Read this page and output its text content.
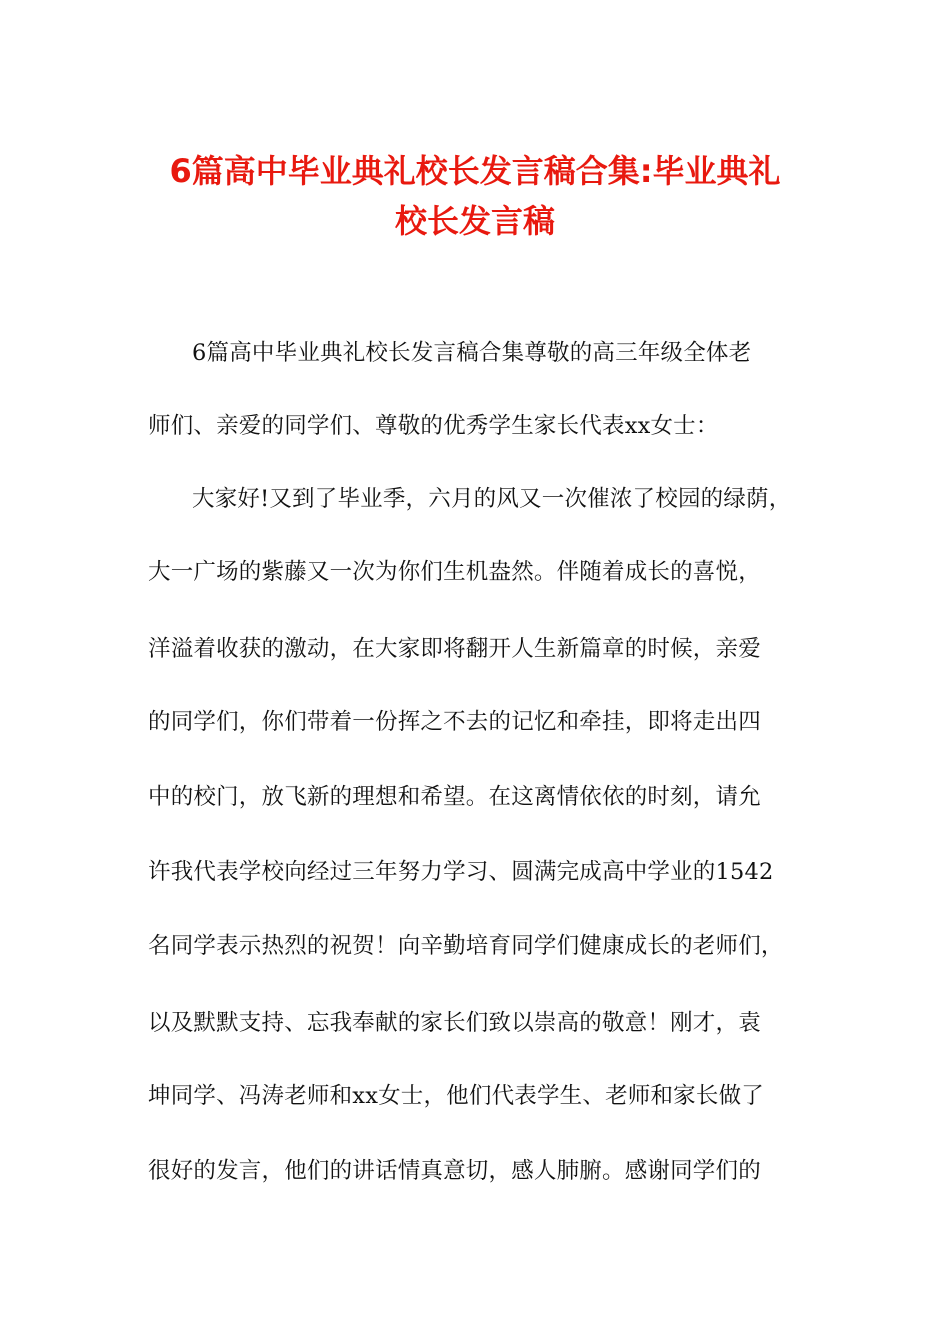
6篇高中毕业典礼校长发言稿合集:毕业典礼
校长发言稿
6篇高中毕业典礼校长发言稿合集尊敬的高三年级全体老
师们、亲爱的同学们、尊敬的优秀学生家长代表xx女士：
大家好!又到了毕业季，六月的风又一次催浓了校园的绿荫，
大一广场的紫藤又一次为你们生机盎然。伴随着成长的喜悦，
洋溢着收获的激动，在大家即将翻开人生新篇章的时候，亲爱
的同学们，你们带着一份挥之不去的记忆和牵挂，即将走出四
中的校门，放飞新的理想和希望。在这离情依依的时刻，请允
许我代表学校向经过三年努力学习、圆满完成高中学业的1542
名同学表示热烈的祝贺！向辛勤培育同学们健康成长的老师们，
以及默默支持、忘我奉献的家长们致以崇高的敬意！刚才，袁
坤同学、冯涛老师和xx女士，他们代表学生、老师和家长做了
很好的发言，他们的讲话情真意切，感人肺腑。感谢同学们的
